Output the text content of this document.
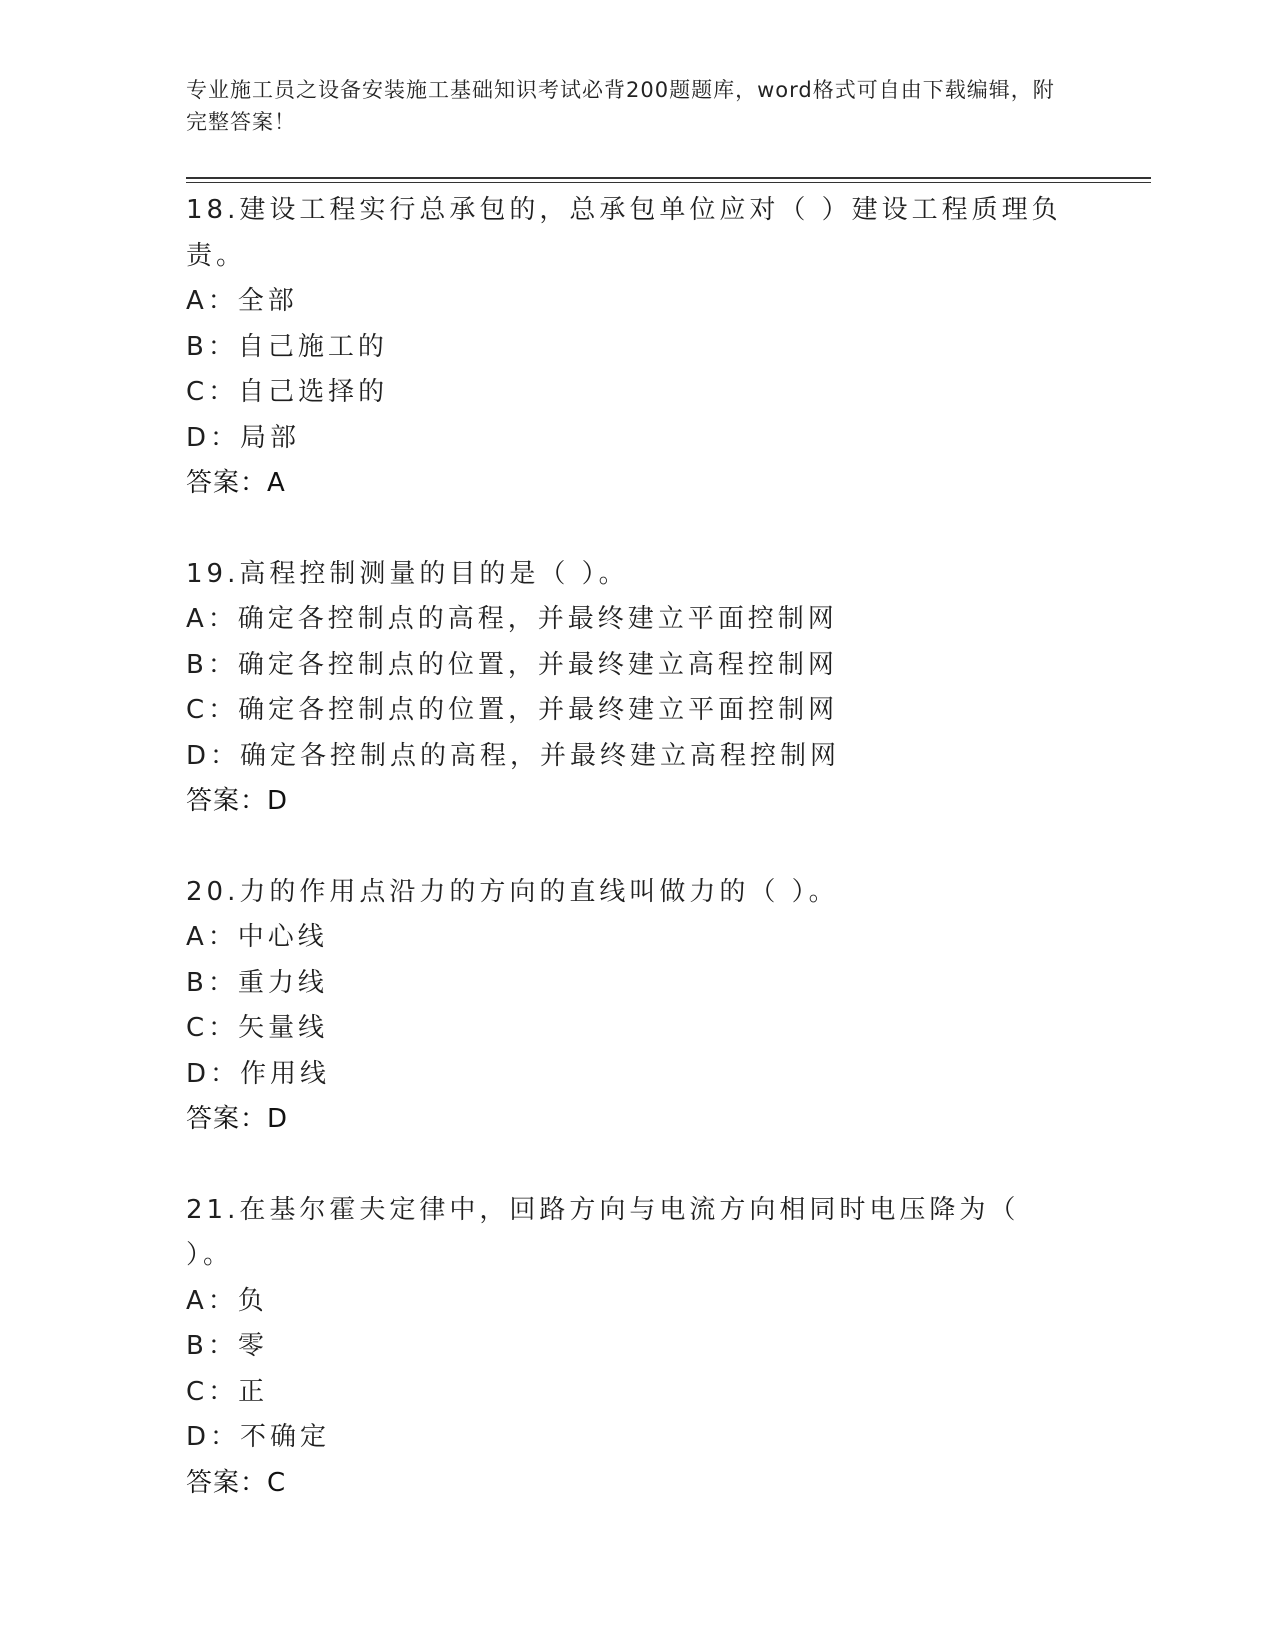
专业施工员之设备安装施工基础知识考试必背200题题库，word格式可自由下载编辑，附完整答案！
18.建设工程实行总承包的，总承包单位应对（ ）建设工程质理负责。
A：全部
B：自己施工的
C：自己选择的
D：局部
答案：A
19.高程控制测量的目的是（ ）。
A：确定各控制点的高程，并最终建立平面控制网
B：确定各控制点的位置，并最终建立高程控制网
C：确定各控制点的位置，并最终建立平面控制网
D：确定各控制点的高程，并最终建立高程控制网
答案：D
20.力的作用点沿力的方向的直线叫做力的（ ）。
A：中心线
B：重力线
C：矢量线
D：作用线
答案：D
21.在基尔霍夫定律中，回路方向与电流方向相同时电压降为（ ）。
A：负
B：零
C：正
D：不确定
答案：C
